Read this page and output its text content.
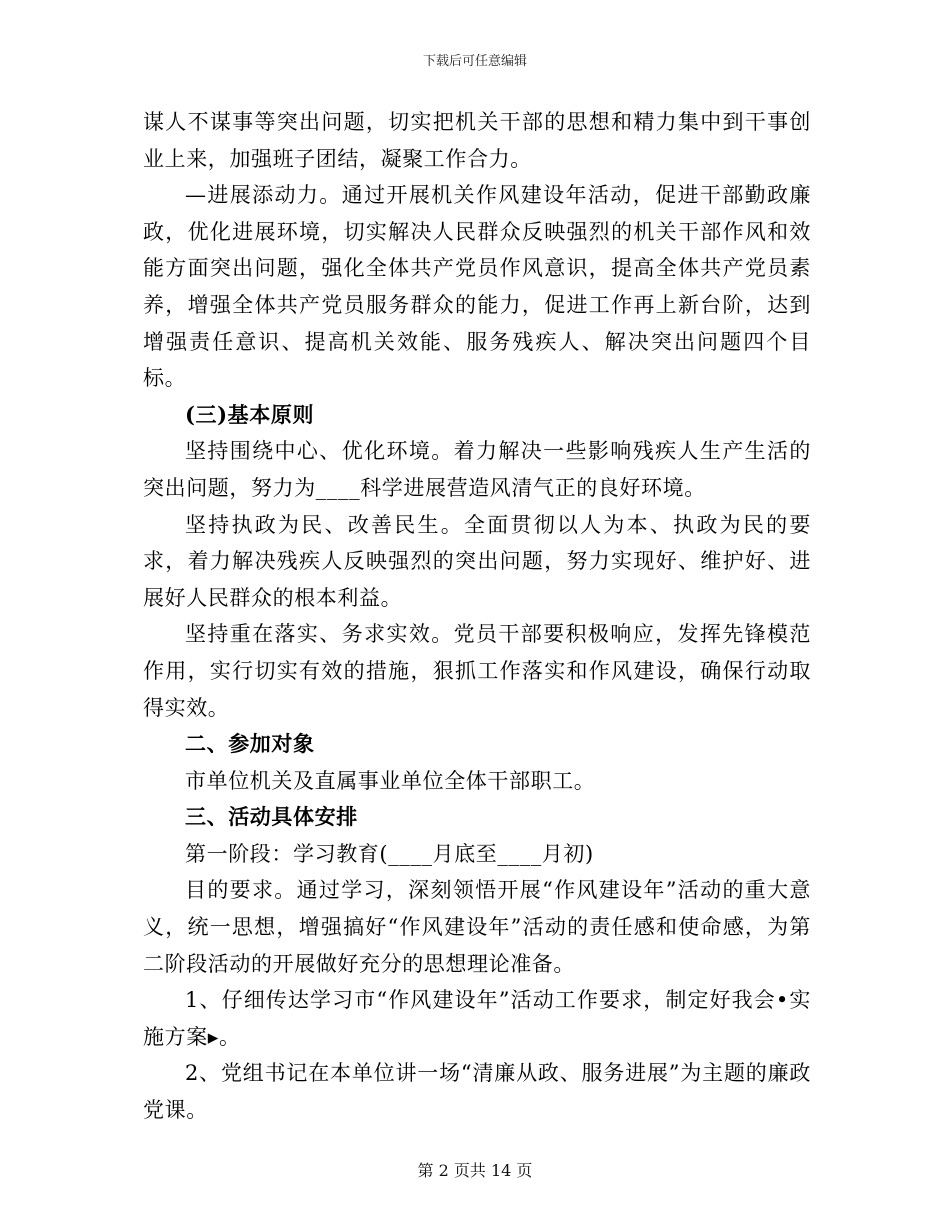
下载后可任意编辑

谋人不谋事等突出问题，切实把机关干部的思想和精力集中到干事创业上来，加强班子团结，凝聚工作合力。

—进展添动力。通过开展机关作风建设年活动，促进干部勤政廉政，优化进展环境，切实解决人民群众反映强烈的机关干部作风和效能方面突出问题，强化全体共产党员作风意识，提高全体共产党员素养，增强全体共产党员服务群众的能力，促进工作再上新台阶，达到增强责任意识、提高机关效能、服务残疾人、解决突出问题四个目标。

(三)基本原则

坚持围绕中心、优化环境。着力解决一些影响残疾人生产生活的突出问题，努力为____科学进展营造风清气正的良好环境。

坚持执政为民、改善民生。全面贯彻以人为本、执政为民的要求，着力解决残疾人反映强烈的突出问题，努力实现好、维护好、进展好人民群众的根本利益。

坚持重在落实、务求实效。党员干部要积极响应，发挥先锋模范作用，实行切实有效的措施，狠抓工作落实和作风建设，确保行动取得实效。

二、参加对象

市单位机关及直属事业单位全体干部职工。

三、活动具体安排

第一阶段：学习教育(____月底至____月初)

目的要求。通过学习，深刻领悟开展“作风建设年”活动的重大意义，统一思想，增强搞好“作风建设年”活动的责任感和使命感，为第二阶段活动的开展做好充分的思想理论准备。

1、仔细传达学习市“作风建设年”活动工作要求，制定好我会•实施方案▸。

2、党组书记在本单位讲一场“清廉从政、服务进展”为主题的廉政党课。

第 2 页共 14 页
